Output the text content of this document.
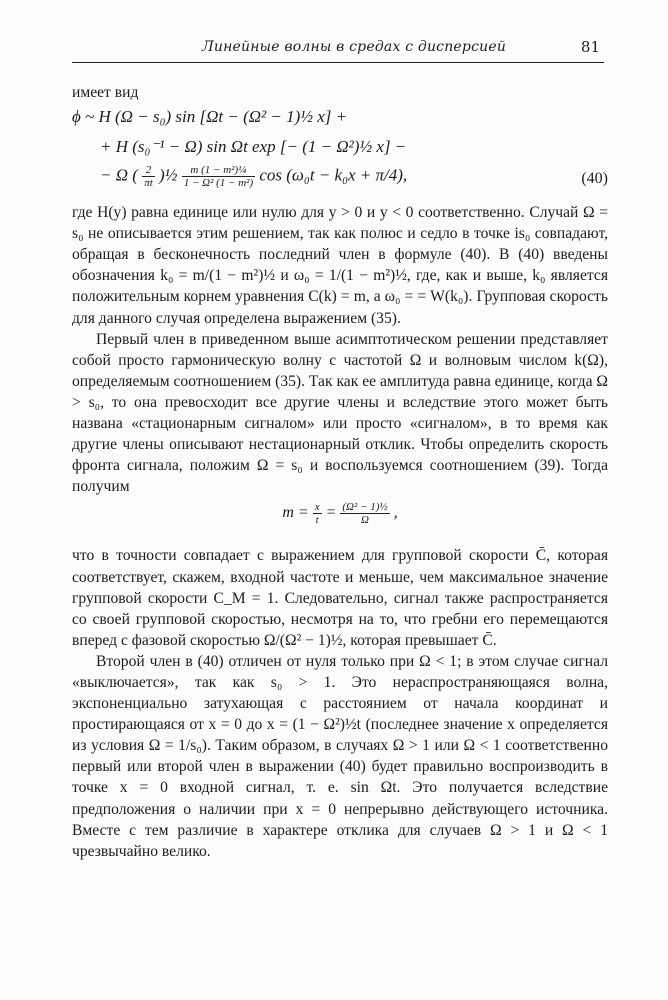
Линейные волны в средах с дисперсией	81

имеет вид

ϕ ~ H (Ω − s₀) sin [Ωt − (Ω² − 1)½ x] +
+ H (s₀⁻¹ − Ω) sin Ωt exp [− (1 − Ω²)½ x] −
− Ω ( $\frac{2}{\pi t}$ )½ $\frac{\text{m (1 − m²)¼}}{\text{1 − Ω² (1 − m²)}}$ cos (ω₀t − k₀x + π/4),	(40)

где H(y) равна единице или нулю для y > 0 и y < 0 соответственно. Случай Ω = s₀ не описывается этим решением, так как полюс и седло в точке is₀ совпадают, обращая в бесконечность последний член в формуле (40). В (40) введены обозначения k₀ = m/(1 − m²)½ и ω₀ = 1/(1 − m²)½, где, как и выше, k₀ является положительным корнем уравнения C(k) = m, а ω₀ = = W(k₀). Групповая скорость для данного случая определена выражением (35).

Первый член в приведенном выше асимптотическом решении представляет собой просто гармоническую волну с частотой Ω и волновым числом k(Ω), определяемым соотношением (35). Так как ее амплитуда равна единице, когда Ω > s₀, то она превосходит все другие члены и вследствие этого может быть названа «стационарным сигналом» или просто «сигналом», в то время как другие члены описывают нестационарный отклик. Чтобы определить скорость фронта сигнала, положим Ω = s₀ и воспользуемся соотношением (39). Тогда получим

$m = \frac{x}{t} = \frac{\text{(Ω² − 1)½}}{\Omega}$ ,

что в точности совпадает с выражением для групповой скорости C̄, которая соответствует, скажем, входной частоте и меньше, чем максимальное значение групповой скорости C_M = 1. Следовательно, сигнал также распространяется со своей групповой скоростью, несмотря на то, что гребни его перемещаются вперед с фазовой скоростью Ω/(Ω² − 1)½, которая превышает C̄.

Второй член в (40) отличен от нуля только при Ω < 1; в этом случае сигнал «выключается», так как s₀ > 1. Это нераспространяющаяся волна, экспоненциально затухающая с расстоянием от начала координат и простирающаяся от x = 0 до x = (1 − Ω²)½t (последнее значение x определяется из условия Ω = 1/s₀). Таким образом, в случаях Ω > 1 или Ω < 1 соответственно первый или второй член в выражении (40) будет правильно воспроизводить в точке x = 0 входной сигнал, т. е. sin Ωt. Это получается вследствие предположения о наличии при x = 0 непрерывно действующего источника. Вместе с тем различие в характере отклика для случаев Ω > 1 и Ω < 1 чрезвычайно велико.
